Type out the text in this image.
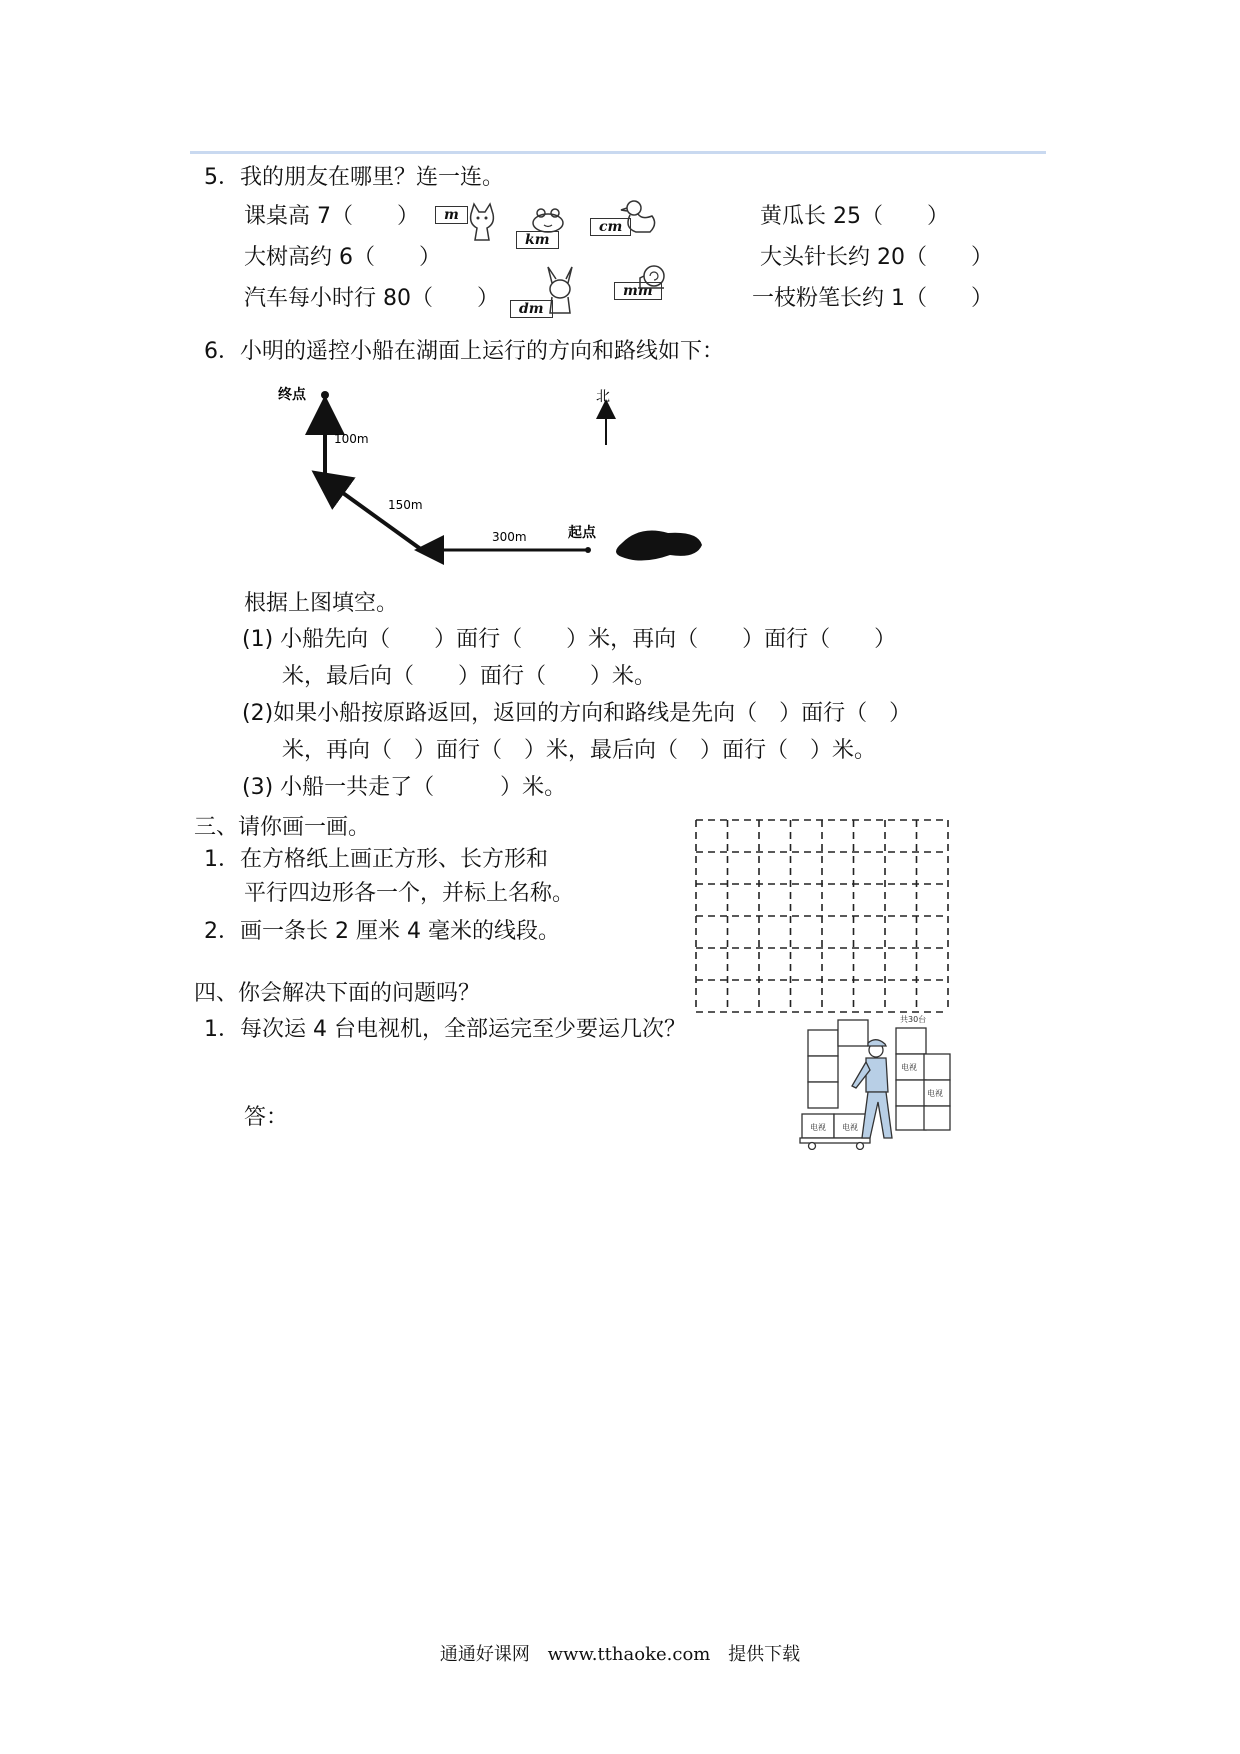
5．我的朋友在哪里？连一连。
课桌高 7（　　）
大树高约 6（　　）
汽车每小时行 80（　　）
黄瓜长 25（　　）
大头针长约 20（　　）
一枝粉笔长约 1（　　）
m
km
cm
dm
mm
6．小明的遥控小船在湖面上运行的方向和路线如下：
终点	北
起点
300m
150m
100m
根据上图填空。
(1) 小船先向（　　）面行（　　）米，再向（　　）面行（　　）
米，最后向（　　）面行（　　）米。
(2)如果小船按原路返回，返回的方向和路线是先向（　）面行（　）
米，再向（　）面行（　）米，最后向（　）面行（　）米。
(3) 小船一共走了（　　　）米。
三、请你画一画。
1．在方格纸上画正方形、长方形和
平行四边形各一个，并标上名称。
2．画一条长 2 厘米 4 毫米的线段。
四、你会解决下面的问题吗？
1．每次运 4 台电视机，全部运完至少要运几次？
答：
共30台
电视 电视
电视
电视
通通好课网 www.tthaoke.com 提供下载
